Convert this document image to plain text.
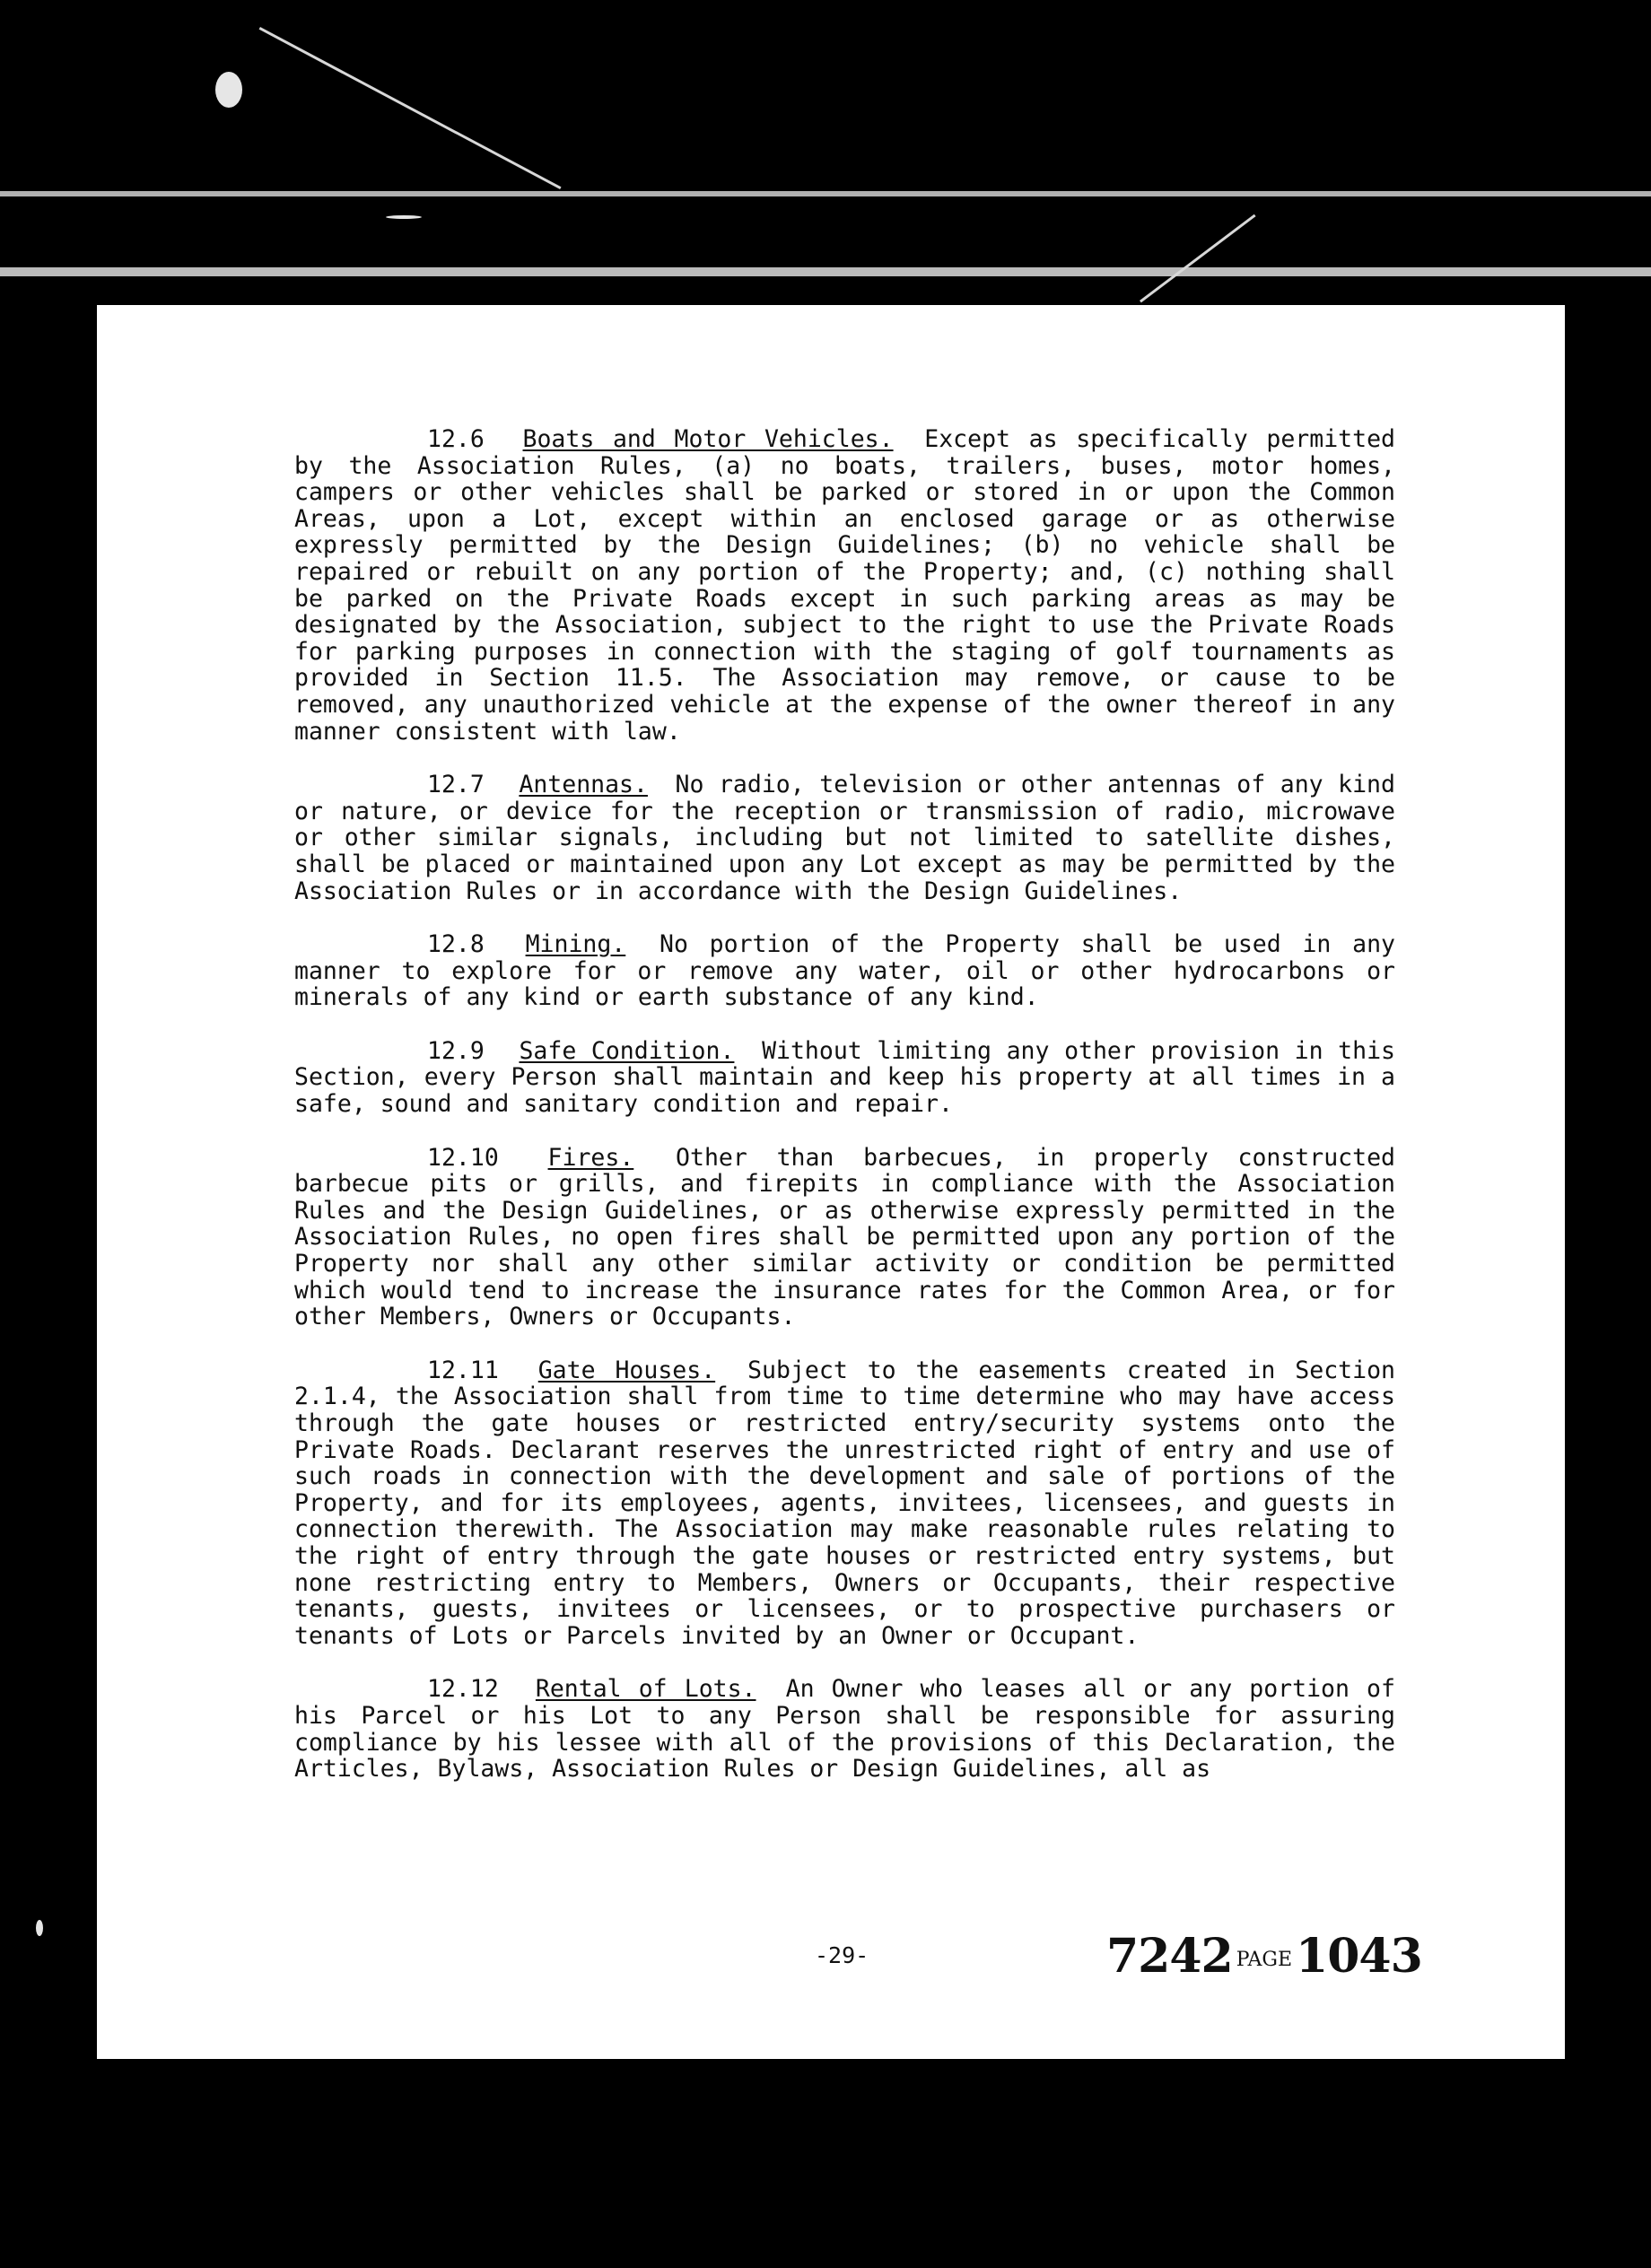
12.6 Boats and Motor Vehicles. Except as specifically permitted by the Association Rules, (a) no boats, trailers, buses, motor homes, campers or other vehicles shall be parked or stored in or upon the Common Areas, upon a Lot, except within an enclosed garage or as otherwise expressly permitted by the Design Guidelines; (b) no vehicle shall be repaired or rebuilt on any portion of the Property; and, (c) nothing shall be parked on the Private Roads except in such parking areas as may be designated by the Association, subject to the right to use the Private Roads for parking purposes in connection with the staging of golf tournaments as provided in Section 11.5. The Association may remove, or cause to be removed, any unauthorized vehicle at the expense of the owner thereof in any manner consistent with law.

12.7 Antennas. No radio, television or other antennas of any kind or nature, or device for the reception or transmission of radio, microwave or other similar signals, including but not limited to satellite dishes, shall be placed or maintained upon any Lot except as may be permitted by the Association Rules or in accordance with the Design Guidelines.

12.8 Mining. No portion of the Property shall be used in any manner to explore for or remove any water, oil or other hydrocarbons or minerals of any kind or earth substance of any kind.

12.9 Safe Condition. Without limiting any other provision in this Section, every Person shall maintain and keep his property at all times in a safe, sound and sanitary condition and repair.

12.10 Fires. Other than barbecues, in properly constructed barbecue pits or grills, and firepits in compliance with the Association Rules and the Design Guidelines, or as otherwise expressly permitted in the Association Rules, no open fires shall be permitted upon any portion of the Property nor shall any other similar activity or condition be permitted which would tend to increase the insurance rates for the Common Area, or for other Members, Owners or Occupants.

12.11 Gate Houses. Subject to the easements created in Section 2.1.4, the Association shall from time to time determine who may have access through the gate houses or restricted entry/security systems onto the Private Roads. Declarant reserves the unrestricted right of entry and use of such roads in connection with the development and sale of portions of the Property, and for its employees, agents, invitees, licensees, and guests in connection therewith. The Association may make reasonable rules relating to the right of entry through the gate houses or restricted entry systems, but none restricting entry to Members, Owners or Occupants, their respective tenants, guests, invitees or licensees, or to prospective purchasers or tenants of Lots or Parcels invited by an Owner or Occupant.

12.12 Rental of Lots. An Owner who leases all or any portion of his Parcel or his Lot to any Person shall be responsible for assuring compliance by his lessee with all of the provisions of this Declaration, the Articles, Bylaws, Association Rules or Design Guidelines, all as

-29-	7242 PAGE1043
